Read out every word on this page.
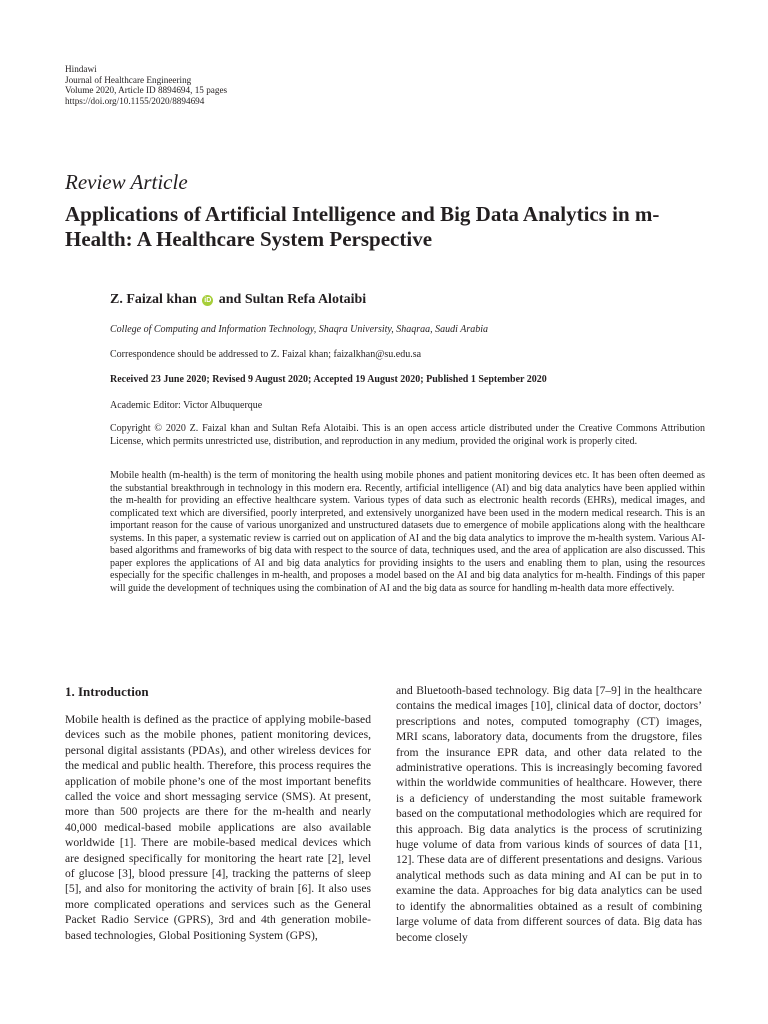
Hindawi
Journal of Healthcare Engineering
Volume 2020, Article ID 8894694, 15 pages
https://doi.org/10.1155/2020/8894694
Review Article
Applications of Artificial Intelligence and Big Data Analytics in m-Health: A Healthcare System Perspective
Z. Faizal khan iD and Sultan Refa Alotaibi
College of Computing and Information Technology, Shaqra University, Shaqraa, Saudi Arabia
Correspondence should be addressed to Z. Faizal khan; faizalkhan@su.edu.sa
Received 23 June 2020; Revised 9 August 2020; Accepted 19 August 2020; Published 1 September 2020
Academic Editor: Victor Albuquerque
Copyright © 2020 Z. Faizal khan and Sultan Refa Alotaibi. This is an open access article distributed under the Creative Commons Attribution License, which permits unrestricted use, distribution, and reproduction in any medium, provided the original work is properly cited.
Mobile health (m-health) is the term of monitoring the health using mobile phones and patient monitoring devices etc. It has been often deemed as the substantial breakthrough in technology in this modern era. Recently, artificial intelligence (AI) and big data analytics have been applied within the m-health for providing an effective healthcare system. Various types of data such as electronic health records (EHRs), medical images, and complicated text which are diversified, poorly interpreted, and extensively unorganized have been used in the modern medical research. This is an important reason for the cause of various unorganized and unstructured datasets due to emergence of mobile applications along with the healthcare systems. In this paper, a systematic review is carried out on application of AI and the big data analytics to improve the m-health system. Various AI-based algorithms and frameworks of big data with respect to the source of data, techniques used, and the area of application are also discussed. This paper explores the applications of AI and big data analytics for providing insights to the users and enabling them to plan, using the resources especially for the specific challenges in m-health, and proposes a model based on the AI and big data analytics for m-health. Findings of this paper will guide the development of techniques using the combination of AI and the big data as source for handling m-health data more effectively.
1. Introduction
Mobile health is defined as the practice of applying mobile-based devices such as the mobile phones, patient monitoring devices, personal digital assistants (PDAs), and other wireless devices for the medical and public health. Therefore, this process requires the application of mobile phone’s one of the most important benefits called the voice and short messaging service (SMS). At present, more than 500 projects are there for the m-health and nearly 40,000 medical-based mobile applications are also available worldwide [1]. There are mobile-based medical devices which are designed specifically for monitoring the heart rate [2], level of glucose [3], blood pressure [4], tracking the patterns of sleep [5], and also for monitoring the activity of brain [6]. It also uses more complicated operations and services such as the General Packet Radio Service (GPRS), 3rd and 4th generation mobile-based technologies, Global Positioning System (GPS),
and Bluetooth-based technology. Big data [7–9] in the healthcare contains the medical images [10], clinical data of doctor, doctors’ prescriptions and notes, computed tomography (CT) images, MRI scans, laboratory data, documents from the drugstore, files from the insurance EPR data, and other data related to the administrative operations. This is increasingly becoming favored within the worldwide communities of healthcare. However, there is a deficiency of understanding the most suitable framework based on the computational methodologies which are required for this approach. Big data analytics is the process of scrutinizing huge volume of data from various kinds of sources of data [11, 12]. These data are of different presentations and designs. Various analytical methods such as data mining and AI can be put in to examine the data. Approaches for big data analytics can be used to identify the abnormalities obtained as a result of combining large volume of data from different sources of data. Big data has become closely
